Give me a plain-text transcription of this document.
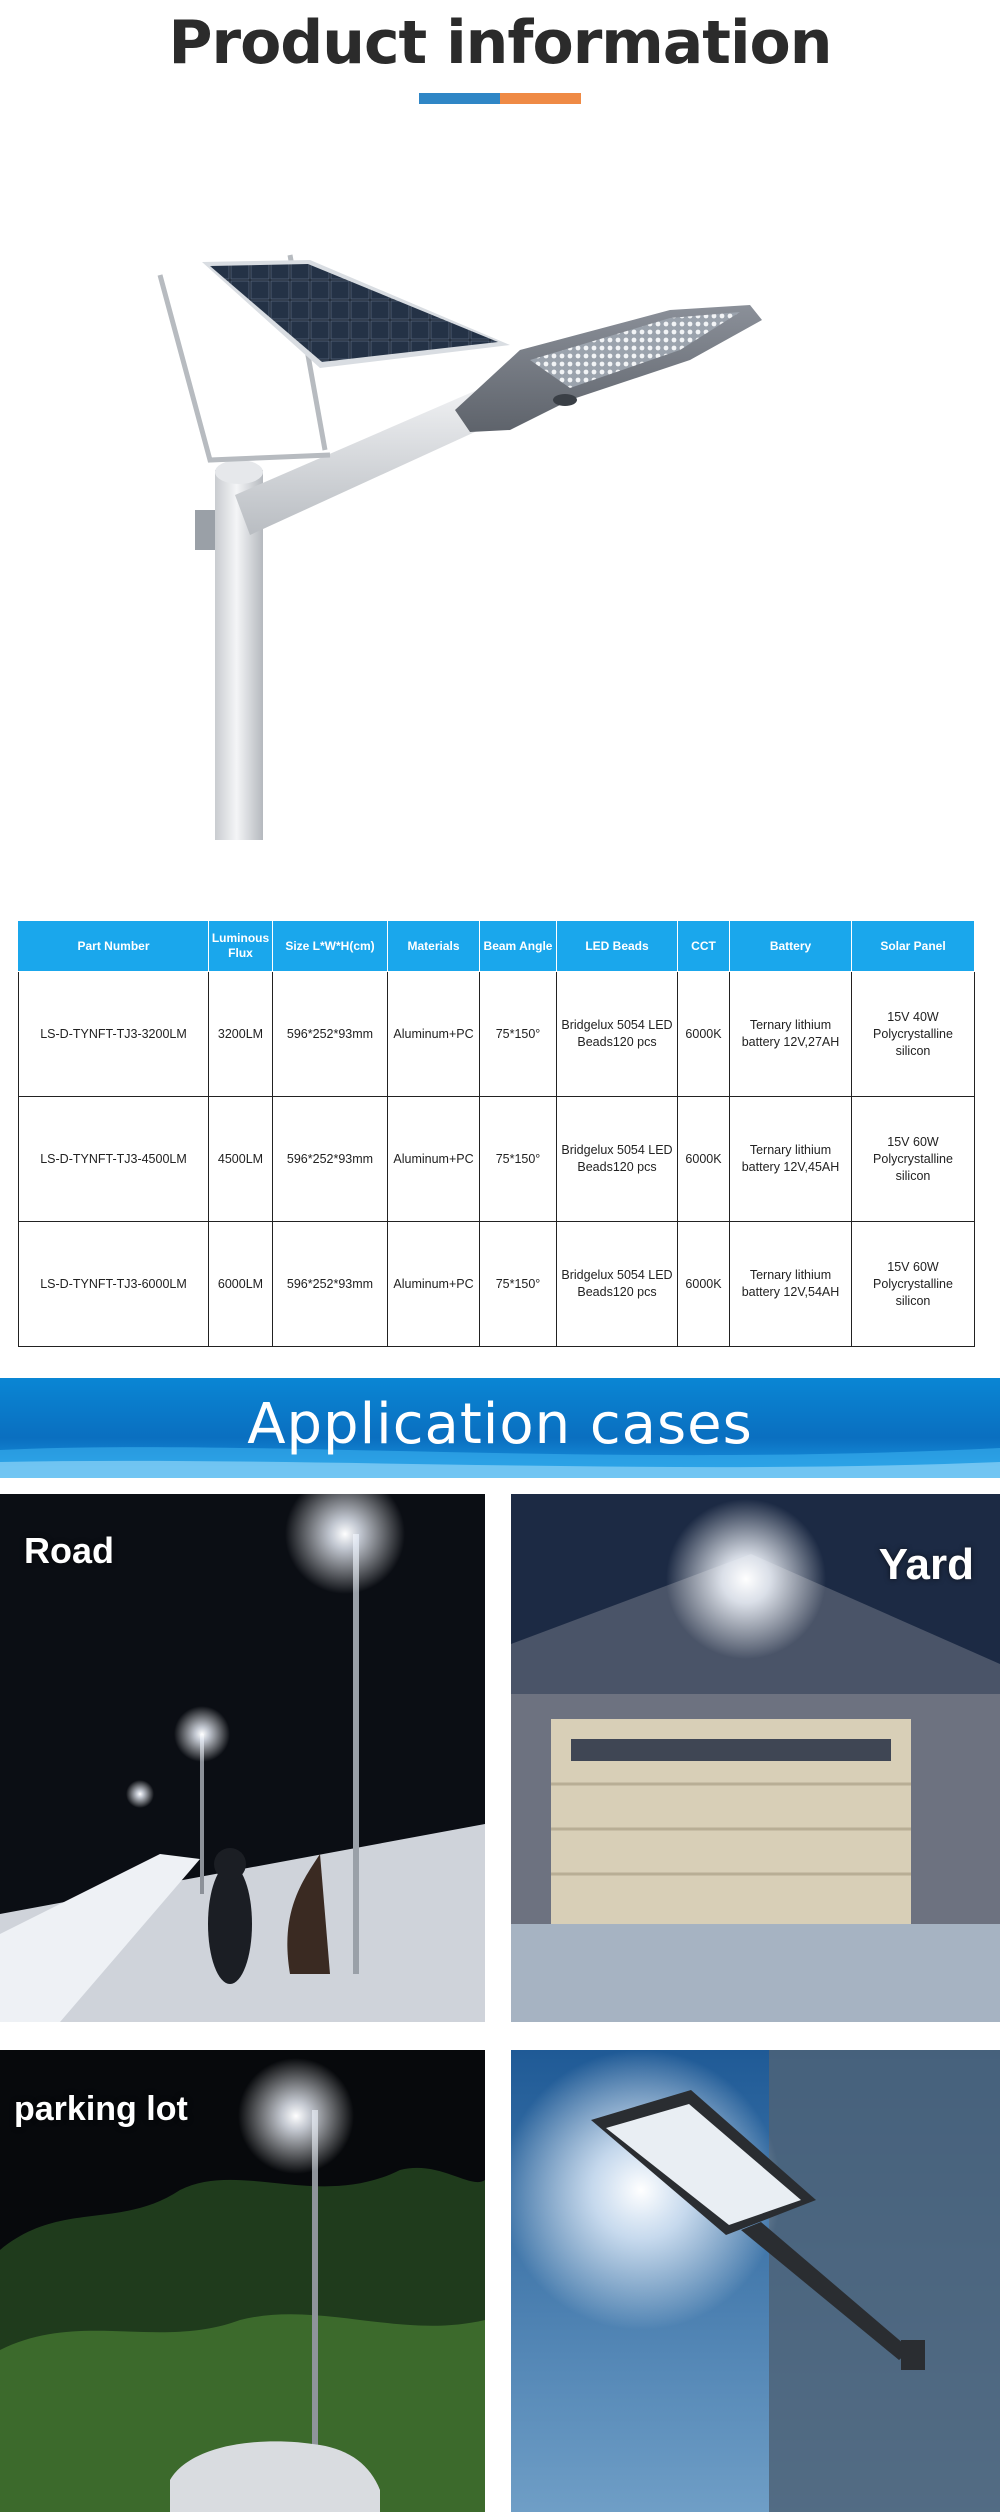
Product information
Part Number	Luminous Flux	Size L*W*H(cm)	Materials	Beam Angle	LED Beads	CCT	Battery	Solar Panel
LS-D-TYNFT-TJ3-3200LM	3200LM	596*252*93mm	Aluminum+PC	75*150°	Bridgelux 5054 LED Beads120 pcs	6000K	Ternary lithium battery 12V,27AH	15V 40W Polycrystalline silicon
LS-D-TYNFT-TJ3-4500LM	4500LM	596*252*93mm	Aluminum+PC	75*150°	Bridgelux 5054 LED Beads120 pcs	6000K	Ternary lithium battery 12V,45AH	15V 60W Polycrystalline silicon
LS-D-TYNFT-TJ3-6000LM	6000LM	596*252*93mm	Aluminum+PC	75*150°	Bridgelux 5054 LED Beads120 pcs	6000K	Ternary lithium battery 12V,54AH	15V 60W Polycrystalline silicon
Application cases
Road	Yard
parking lot
